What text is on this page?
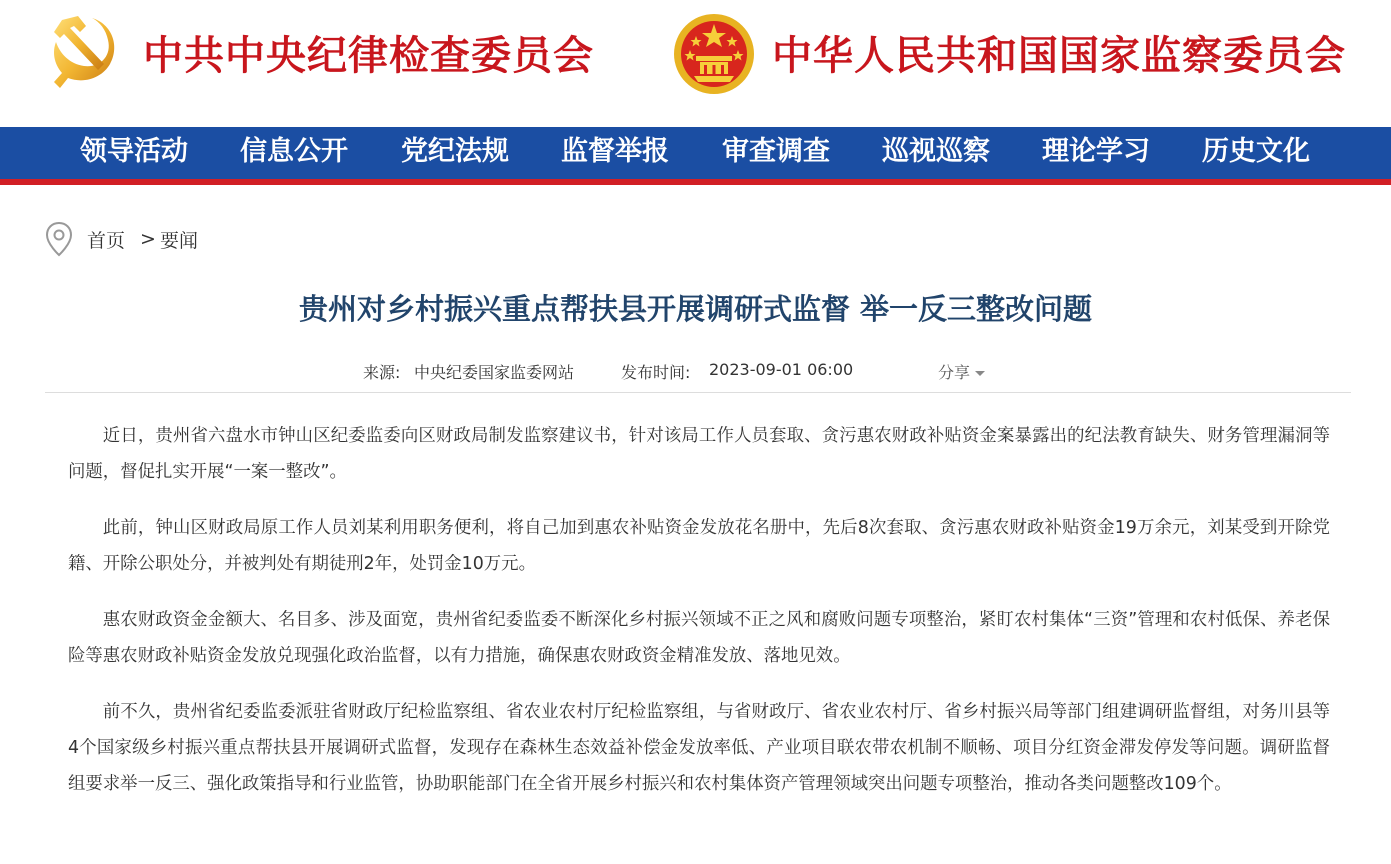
中共中央纪律检查委员会	中华人民共和国国家监察委员会
领导活动 信息公开 党纪法规 监督举报 审查调查 巡视巡察 理论学习 历史文化
首页 > 要闻
贵州对乡村振兴重点帮扶县开展调研式监督 举一反三整改问题
来源: 中央纪委国家监委网站	发布时间: 2023-09-01 06:00	分享

近日，贵州省六盘水市钟山区纪委监委向区财政局制发监察建议书，针对该局工作人员套取、贪污惠农财政补贴资金案暴露出的纪法教育缺失、财务管理漏洞等问题，督促扎实开展“一案一整改”。

此前，钟山区财政局原工作人员刘某利用职务便利，将自己加到惠农补贴资金发放花名册中，先后8次套取、贪污惠农财政补贴资金19万余元，刘某受到开除党籍、开除公职处分，并被判处有期徒刑2年，处罚金10万元。

惠农财政资金金额大、名目多、涉及面宽，贵州省纪委监委不断深化乡村振兴领域不正之风和腐败问题专项整治，紧盯农村集体“三资”管理和农村低保、养老保险等惠农财政补贴资金发放兑现强化政治监督，以有力措施，确保惠农财政资金精准发放、落地见效。

前不久，贵州省纪委监委派驻省财政厅纪检监察组、省农业农村厅纪检监察组，与省财政厅、省农业农村厅、省乡村振兴局等部门组建调研监督组，对务川县等4个国家级乡村振兴重点帮扶县开展调研式监督，发现存在森林生态效益补偿金发放率低、产业项目联农带农机制不顺畅、项目分红资金滞发停发等问题。调研监督组要求举一反三、强化政策指导和行业监管，协助职能部门在全省开展乡村振兴和农村集体资产管理领域突出问题专项整治，推动各类问题整改109个。
